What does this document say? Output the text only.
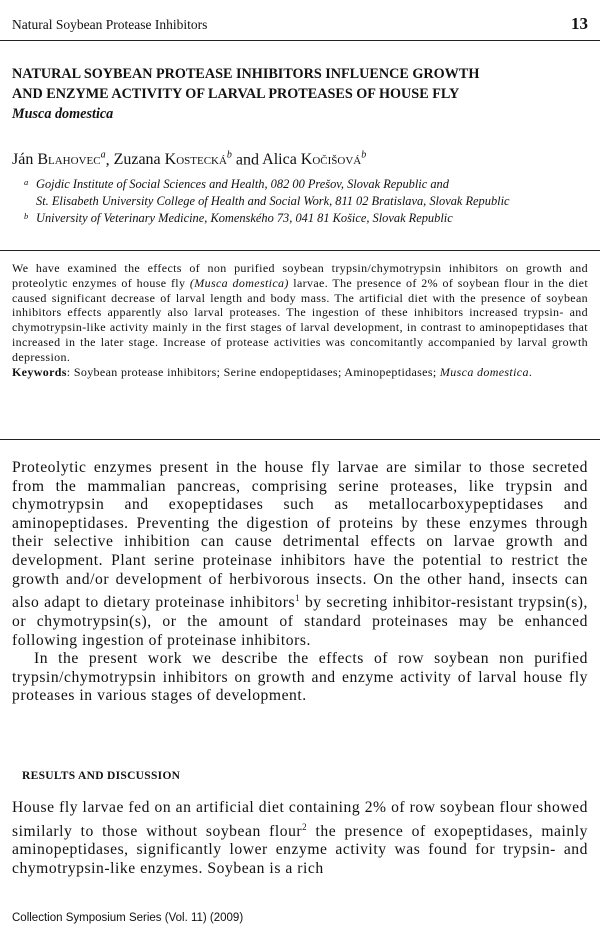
Natural Soybean Protease Inhibitors	13
NATURAL SOYBEAN PROTEASE INHIBITORS INFLUENCE GROWTH
AND ENZYME ACTIVITY OF LARVAL PROTEASES OF HOUSE FLY
Musca domestica
Ján Blahovec$^a$, Zuzana Kostecká$^b$ and Alica Kočišová$^b$
a Gojdic Institute of Social Sciences and Health, 082 00 Prešov, Slovak Republic and
St. Elisabeth University College of Health and Social Work, 811 02 Bratislava, Slovak Republic
b University of Veterinary Medicine, Komenského 73, 041 81 Košice, Slovak Republic
We have examined the effects of non purified soybean trypsin/chymotrypsin inhibitors on growth and proteolytic enzymes of house fly (Musca domestica) larvae. The presence of 2% of soybean flour in the diet caused significant decrease of larval length and body mass. The artificial diet with the presence of soybean inhibitors effects apparently also larval proteases. The ingestion of these inhibitors increased trypsin- and chymotrypsin-like activity mainly in the first stages of larval development, in contrast to aminopeptidases that increased in the later stage. Increase of protease activities was concomitantly accompanied by larval growth depression.
Keywords: Soybean protease inhibitors; Serine endopeptidases; Aminopeptidases; Musca domestica.

Proteolytic enzymes present in the house fly larvae are similar to those secreted from the mammalian pancreas, comprising serine proteases, like trypsin and chymotrypsin and exopeptidases such as metallocarboxypeptidases and aminopeptidases. Preventing the digestion of proteins by these enzymes through their selective inhibition can cause detrimental effects on larvae growth and development. Plant serine proteinase inhibitors have the potential to restrict the growth and/or development of herbivorous insects. On the other hand, insects can also adapt to dietary proteinase inhibitors$^1$ by secreting inhibitor-resistant trypsin(s), or chymotrypsin(s), or the amount of standard proteinases may be enhanced following ingestion of proteinase inhibitors.

In the present work we describe the effects of row soybean non purified trypsin/chymotrypsin inhibitors on growth and enzyme activity of larval house fly proteases in various stages of development.

RESULTS AND DISCUSSION

House fly larvae fed on an artificial diet containing 2% of row soybean flour showed similarly to those without soybean flour$^2$ the presence of exopeptidases, mainly aminopeptidases, significantly lower enzyme activity was found for trypsin- and chymotrypsin-like enzymes. Soybean is a rich

Collection Symposium Series (Vol. 11) (2009)
